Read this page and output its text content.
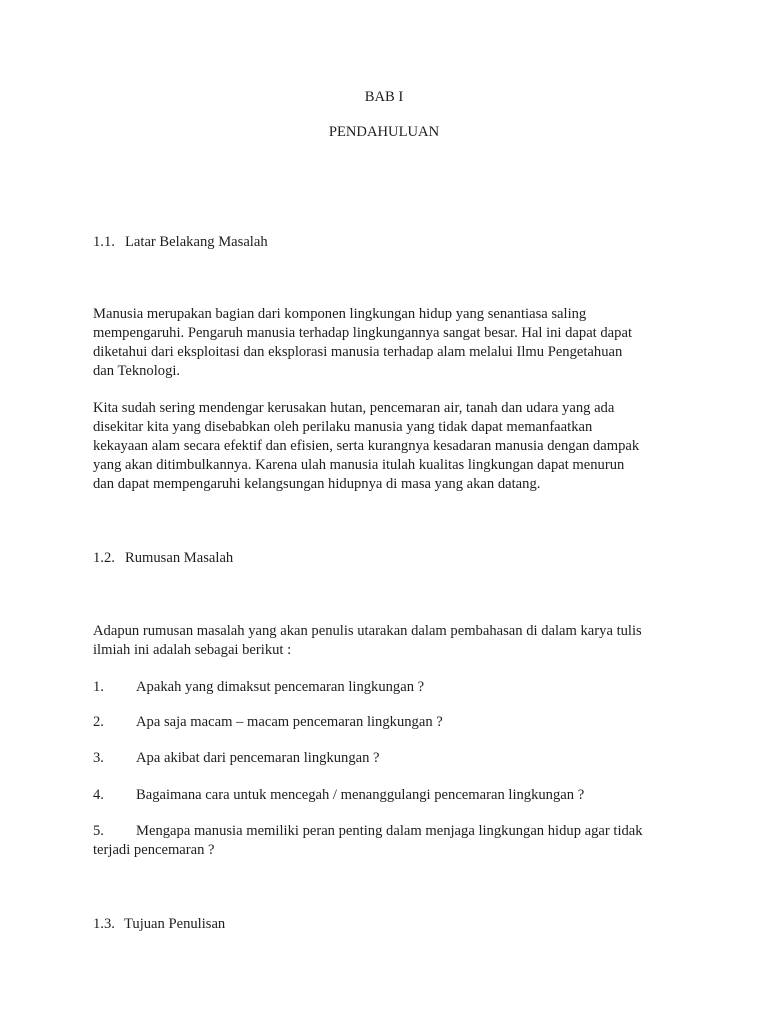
BAB I
PENDAHULUAN
1.1. Latar Belakang Masalah
Manusia merupakan bagian dari komponen lingkungan hidup yang senantiasa saling
mempengaruhi. Pengaruh manusia terhadap lingkungannya sangat besar. Hal ini dapat dapat
diketahui dari eksploitasi dan eksplorasi manusia terhadap alam melalui Ilmu Pengetahuan
dan Teknologi.
Kita sudah sering mendengar kerusakan hutan, pencemaran air, tanah dan udara yang ada
disekitar kita yang disebabkan oleh perilaku manusia yang tidak dapat memanfaatkan
kekayaan alam secara efektif dan efisien, serta kurangnya kesadaran manusia dengan dampak
yang akan ditimbulkannya. Karena ulah manusia itulah kualitas lingkungan dapat menurun
dan dapat mempengaruhi kelangsungan hidupnya di masa yang akan datang.
1.2. Rumusan Masalah
Adapun rumusan masalah yang akan penulis utarakan dalam pembahasan di dalam karya tulis
ilmiah ini adalah sebagai berikut :
1. Apakah yang dimaksut pencemaran lingkungan ?
2. Apa saja macam – macam pencemaran lingkungan ?
3. Apa akibat dari pencemaran lingkungan ?
4. Bagaimana cara untuk mencegah / menanggulangi pencemaran lingkungan ?
5. Mengapa manusia memiliki peran penting dalam menjaga lingkungan hidup agar tidak
terjadi pencemaran ?
1.3. Tujuan Penulisan
